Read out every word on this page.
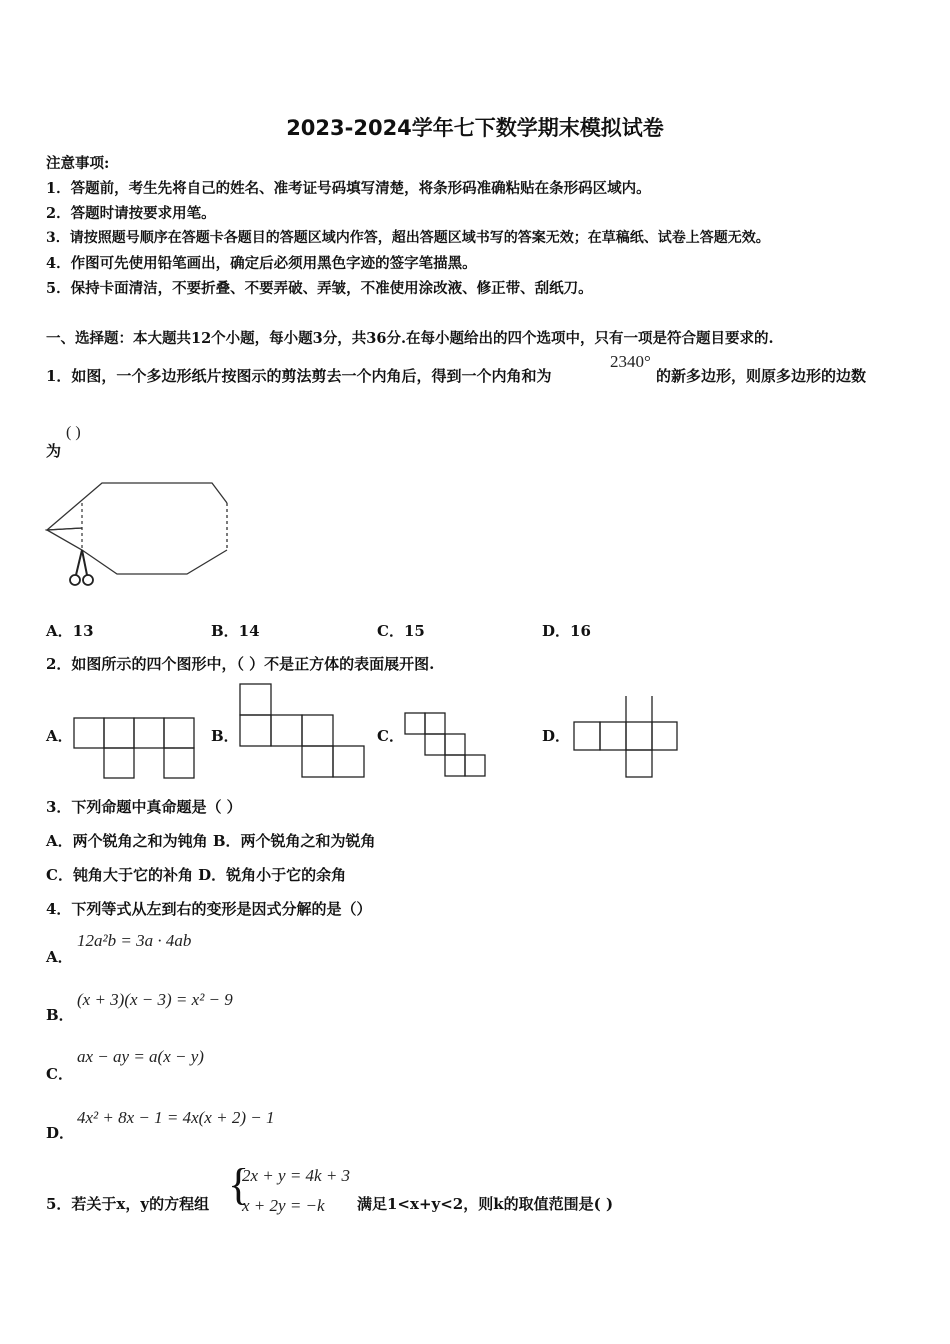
2023-2024学年七下数学期末模拟试卷
注意事项:
1．答题前，考生先将自己的姓名、准考证号码填写清楚，将条形码准确粘贴在条形码区域内。
2．答题时请按要求用笔。
3．请按照题号顺序在答题卡各题目的答题区域内作答，超出答题区域书写的答案无效；在草稿纸、试卷上答题无效。
4．作图可先使用铅笔画出，确定后必须用黑色字迹的签字笔描黑。
5．保持卡面清洁，不要折叠、不要弄破、弄皱，不准使用涂改液、修正带、刮纸刀。
一、选择题：本大题共12个小题，每小题3分，共36分.在每小题给出的四个选项中，只有一项是符合题目要求的.
1．如图，一个多边形纸片按图示的剪法剪去一个内角后，得到一个内角和为
2340°
的新多边形，则原多边形的边数
为
( )
A．13	B．14	C．15	D．16
2．如图所示的四个图形中，（ ）不是正方体的表面展开图.
A．	B．	C．	D．
3．下列命题中真命题是（ ）
A．两个锐角之和为钝角 B．两个锐角之和为锐角
C．钝角大于它的补角 D．锐角小于它的余角
4．下列等式从左到右的变形是因式分解的是（）
A．
12a²b = 3a · 4ab
B．
(x + 3)(x − 3) = x² − 9
C．
ax − ay = a(x − y)
D．
4x² + 8x − 1 = 4x(x + 2) − 1
5．若关于x，y的方程组 {
2x + y = 4k + 3
x + 2y = −k 满足1<x+y<2，则k的取值范围是( )
